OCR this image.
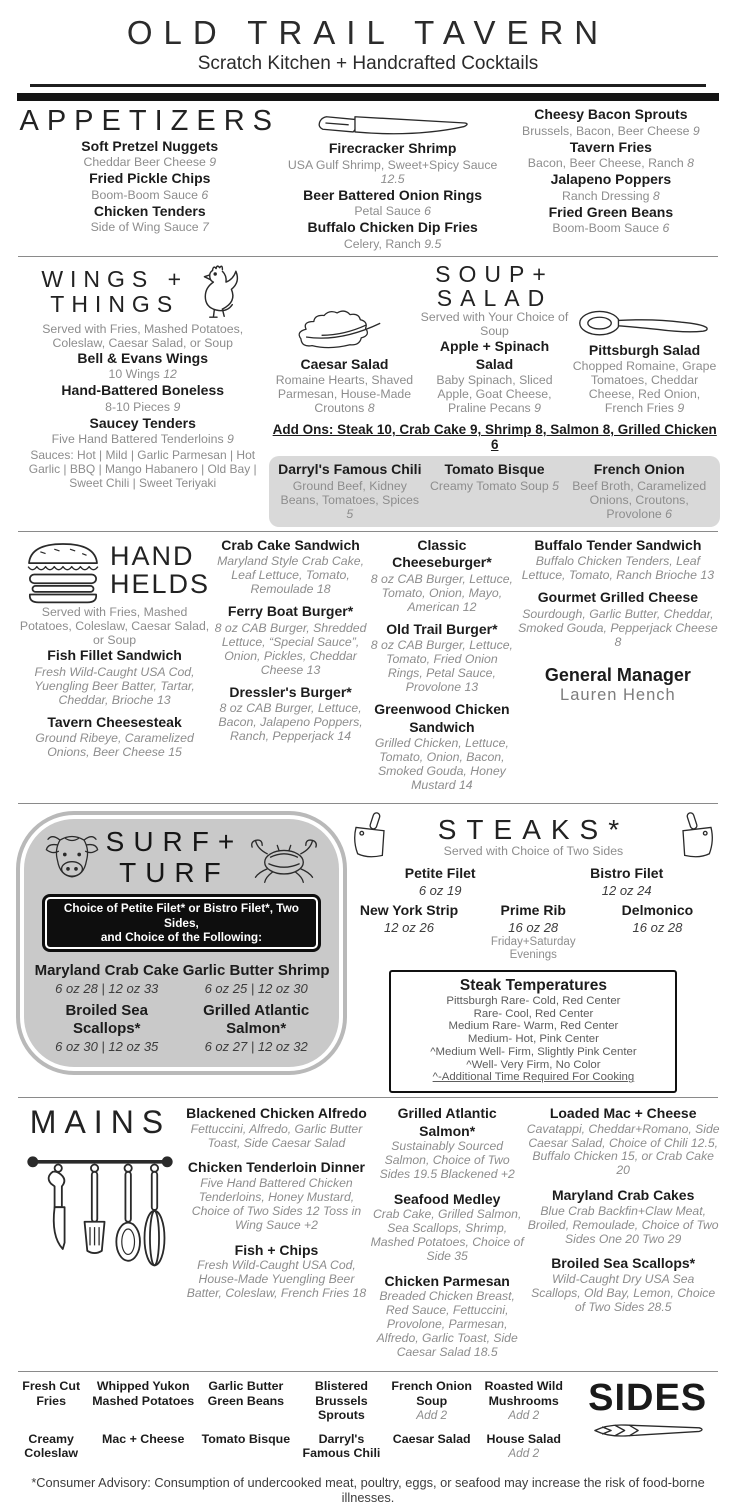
OLD TRAIL TAVERN
Scratch Kitchen + Handcrafted Cocktails
APPETIZERS
Soft Pretzel Nuggets
Cheddar Beer Cheese 9
Fried Pickle Chips
Boom-Boom Sauce 6
Chicken Tenders
Side of Wing Sauce 7
Firecracker Shrimp
USA Gulf Shrimp, Sweet+Spicy Sauce 12.5
Beer Battered Onion Rings
Petal Sauce 6
Buffalo Chicken Dip Fries
Celery, Ranch 9.5
Cheesy Bacon Sprouts
Brussels, Bacon, Beer Cheese 9
Tavern Fries
Bacon, Beer Cheese, Ranch 8
Jalapeno Poppers
Ranch Dressing 8
Fried Green Beans
Boom-Boom Sauce 6
WINGS +
THINGS
Served with Fries, Mashed Potatoes, Coleslaw, Caesar Salad, or Soup
Bell & Evans Wings
10 Wings 12
Hand-Battered Boneless
8-10 Pieces 9
Saucey Tenders
Five Hand Battered Tenderloins 9
Sauces: Hot | Mild | Garlic Parmesan | Hot Garlic | BBQ | Mango Habanero | Old Bay | Sweet Chili | Sweet Teriyaki
Caesar Salad
Romaine Hearts, Shaved Parmesan, House-Made Croutons 8
SOUP+
SALAD
Served with Your Choice of Soup
Apple + Spinach Salad
Baby Spinach, Sliced Apple, Goat Cheese, Praline Pecans 9
Pittsburgh Salad
Chopped Romaine, Grape Tomatoes, Cheddar Cheese, Red Onion, French Fries 9
Add Ons: Steak 10, Crab Cake 9, Shrimp 8, Salmon 8, Grilled Chicken 6
Darryl's Famous Chili
Ground Beef, Kidney Beans, Tomatoes, Spices 5
Tomato Bisque
Creamy Tomato Soup 5
French Onion
Beef Broth, Caramelized Onions, Croutons, Provolone 6
HAND
HELDS
Served with Fries, Mashed Potatoes, Coleslaw, Caesar Salad, or Soup
Fish Fillet Sandwich
Fresh Wild-Caught USA Cod, Yuengling Beer Batter, Tartar, Cheddar, Brioche 13
Tavern Cheesesteak
Ground Ribeye, Caramelized Onions, Beer Cheese 15
Crab Cake Sandwich
Maryland Style Crab Cake, Leaf Lettuce, Tomato, Remoulade 18
Ferry Boat Burger*
8 oz CAB Burger, Shredded Lettuce, “Special Sauce”, Onion, Pickles, Cheddar Cheese 13
Dressler's Burger*
8 oz CAB Burger, Lettuce, Bacon, Jalapeno Poppers, Ranch, Pepperjack 14
Classic Cheeseburger*
8 oz CAB Burger, Lettuce, Tomato, Onion, Mayo, American 12
Old Trail Burger*
8 oz CAB Burger, Lettuce, Tomato, Fried Onion Rings, Petal Sauce, Provolone 13
Greenwood Chicken Sandwich
Grilled Chicken, Lettuce, Tomato, Onion, Bacon, Smoked Gouda, Honey Mustard 14
Buffalo Tender Sandwich
Buffalo Chicken Tenders, Leaf Lettuce, Tomato, Ranch Brioche 13
Gourmet Grilled Cheese
Sourdough, Garlic Butter, Cheddar, Smoked Gouda, Pepperjack Cheese 8
General Manager
Lauren Hench
SURF+
TURF
Choice of Petite Filet* or Bistro Filet*, Two Sides,
and Choice of the Following:
Maryland Crab Cake
6 oz 28 | 12 oz 33
Garlic Butter Shrimp
6 oz 25 | 12 oz 30
Broiled Sea Scallops*
6 oz 30 | 12 oz 35
Grilled Atlantic Salmon*
6 oz 27 | 12 oz 32
STEAKS*
Served with Choice of Two Sides
Petite Filet
6 oz 19
Bistro Filet
12 oz 24
New York Strip
12 oz 26
Prime Rib
16 oz 28
Friday+Saturday Evenings
Delmonico
16 oz 28
Steak Temperatures
Pittsburgh Rare- Cold, Red Center
Rare- Cool, Red Center
Medium Rare- Warm, Red Center
Medium- Hot, Pink Center
^Medium Well- Firm, Slightly Pink Center
^Well- Very Firm, No Color
^-Additional Time Required For Cooking
MAINS	Blackened Chicken Alfredo
Fettuccini, Alfredo, Garlic Butter Toast, Side Caesar Salad
Chicken Tenderloin Dinner
Five Hand Battered Chicken Tenderloins, Honey Mustard, Choice of Two Sides 12 Toss in Wing Sauce +2
Fish + Chips
Fresh Wild-Caught USA Cod, House-Made Yuengling Beer Batter, Coleslaw, French Fries 18
Grilled Atlantic Salmon*
Sustainably Sourced Salmon, Choice of Two Sides 19.5 Blackened +2
Seafood Medley
Crab Cake, Grilled Salmon, Sea Scallops, Shrimp, Mashed Potatoes, Choice of Side 35
Chicken Parmesan
Breaded Chicken Breast, Red Sauce, Fettuccini, Provolone, Parmesan, Alfredo, Garlic Toast, Side Caesar Salad 18.5
Loaded Mac + Cheese
Cavatappi, Cheddar+Romano, Side Caesar Salad, Choice of Chili 12.5, Buffalo Chicken 15, or Crab Cake 20
Maryland Crab Cakes
Blue Crab Backfin+Claw Meat, Broiled, Remoulade, Choice of Two Sides One 20 Two 29
Broiled Sea Scallops*
Wild-Caught Dry USA Sea Scallops, Old Bay, Lemon, Choice of Two Sides 28.5
SIDES
Fresh Cut Fries
Whipped Yukon Mashed Potatoes
Garlic Butter Green Beans
Blistered Brussels Sprouts
French Onion Soup
Add 2
Roasted Wild Mushrooms
Add 2
Creamy Coleslaw
Mac + Cheese	Tomato Bisque	Darryl's Famous Chili
Caesar Salad	House Salad
Add 2
*Consumer Advisory: Consumption of undercooked meat, poultry, eggs, or seafood may increase the risk of food-borne illnesses.
